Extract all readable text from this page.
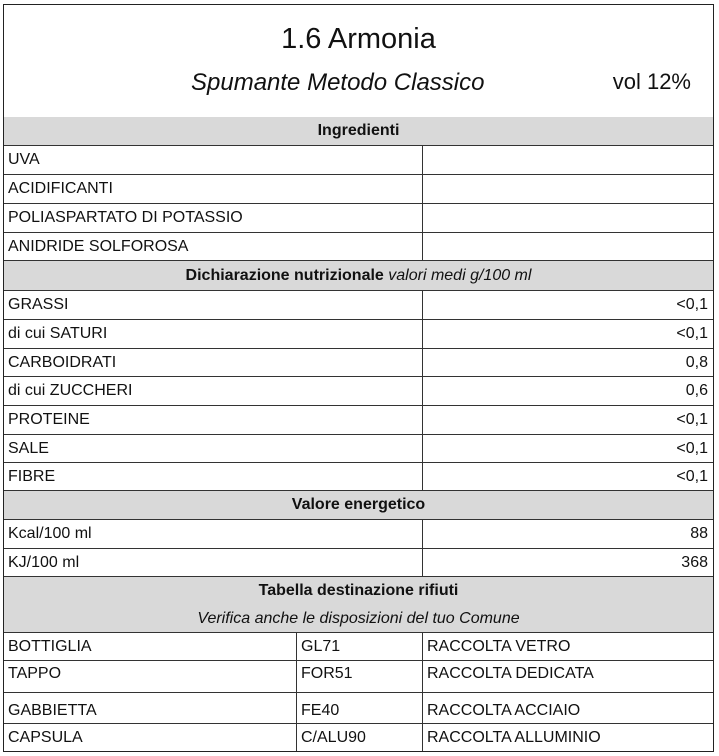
1.6 Armonia
Spumante Metodo Classico	vol 12%
Ingredienti
UVA
ACIDIFICANTI
POLIASPARTATO DI POTASSIO
ANIDRIDE SOLFOROSA
Dichiarazione nutrizionale valori medi g/100 ml
GRASSI	<0,1
di cui SATURI	<0,1
CARBOIDRATI	0,8
di cui ZUCCHERI	0,6
PROTEINE	<0,1
SALE	<0,1
FIBRE	<0,1
Valore energetico
Kcal/100 ml	88
KJ/100 ml	368
Tabella destinazione rifiuti
Verifica anche le disposizioni del tuo Comune
BOTTIGLIA	GL71	RACCOLTA VETRO
TAPPO	FOR51	RACCOLTA DEDICATA
GABBIETTA	FE40	RACCOLTA ACCIAIO
CAPSULA	C/ALU90	RACCOLTA ALLUMINIO
